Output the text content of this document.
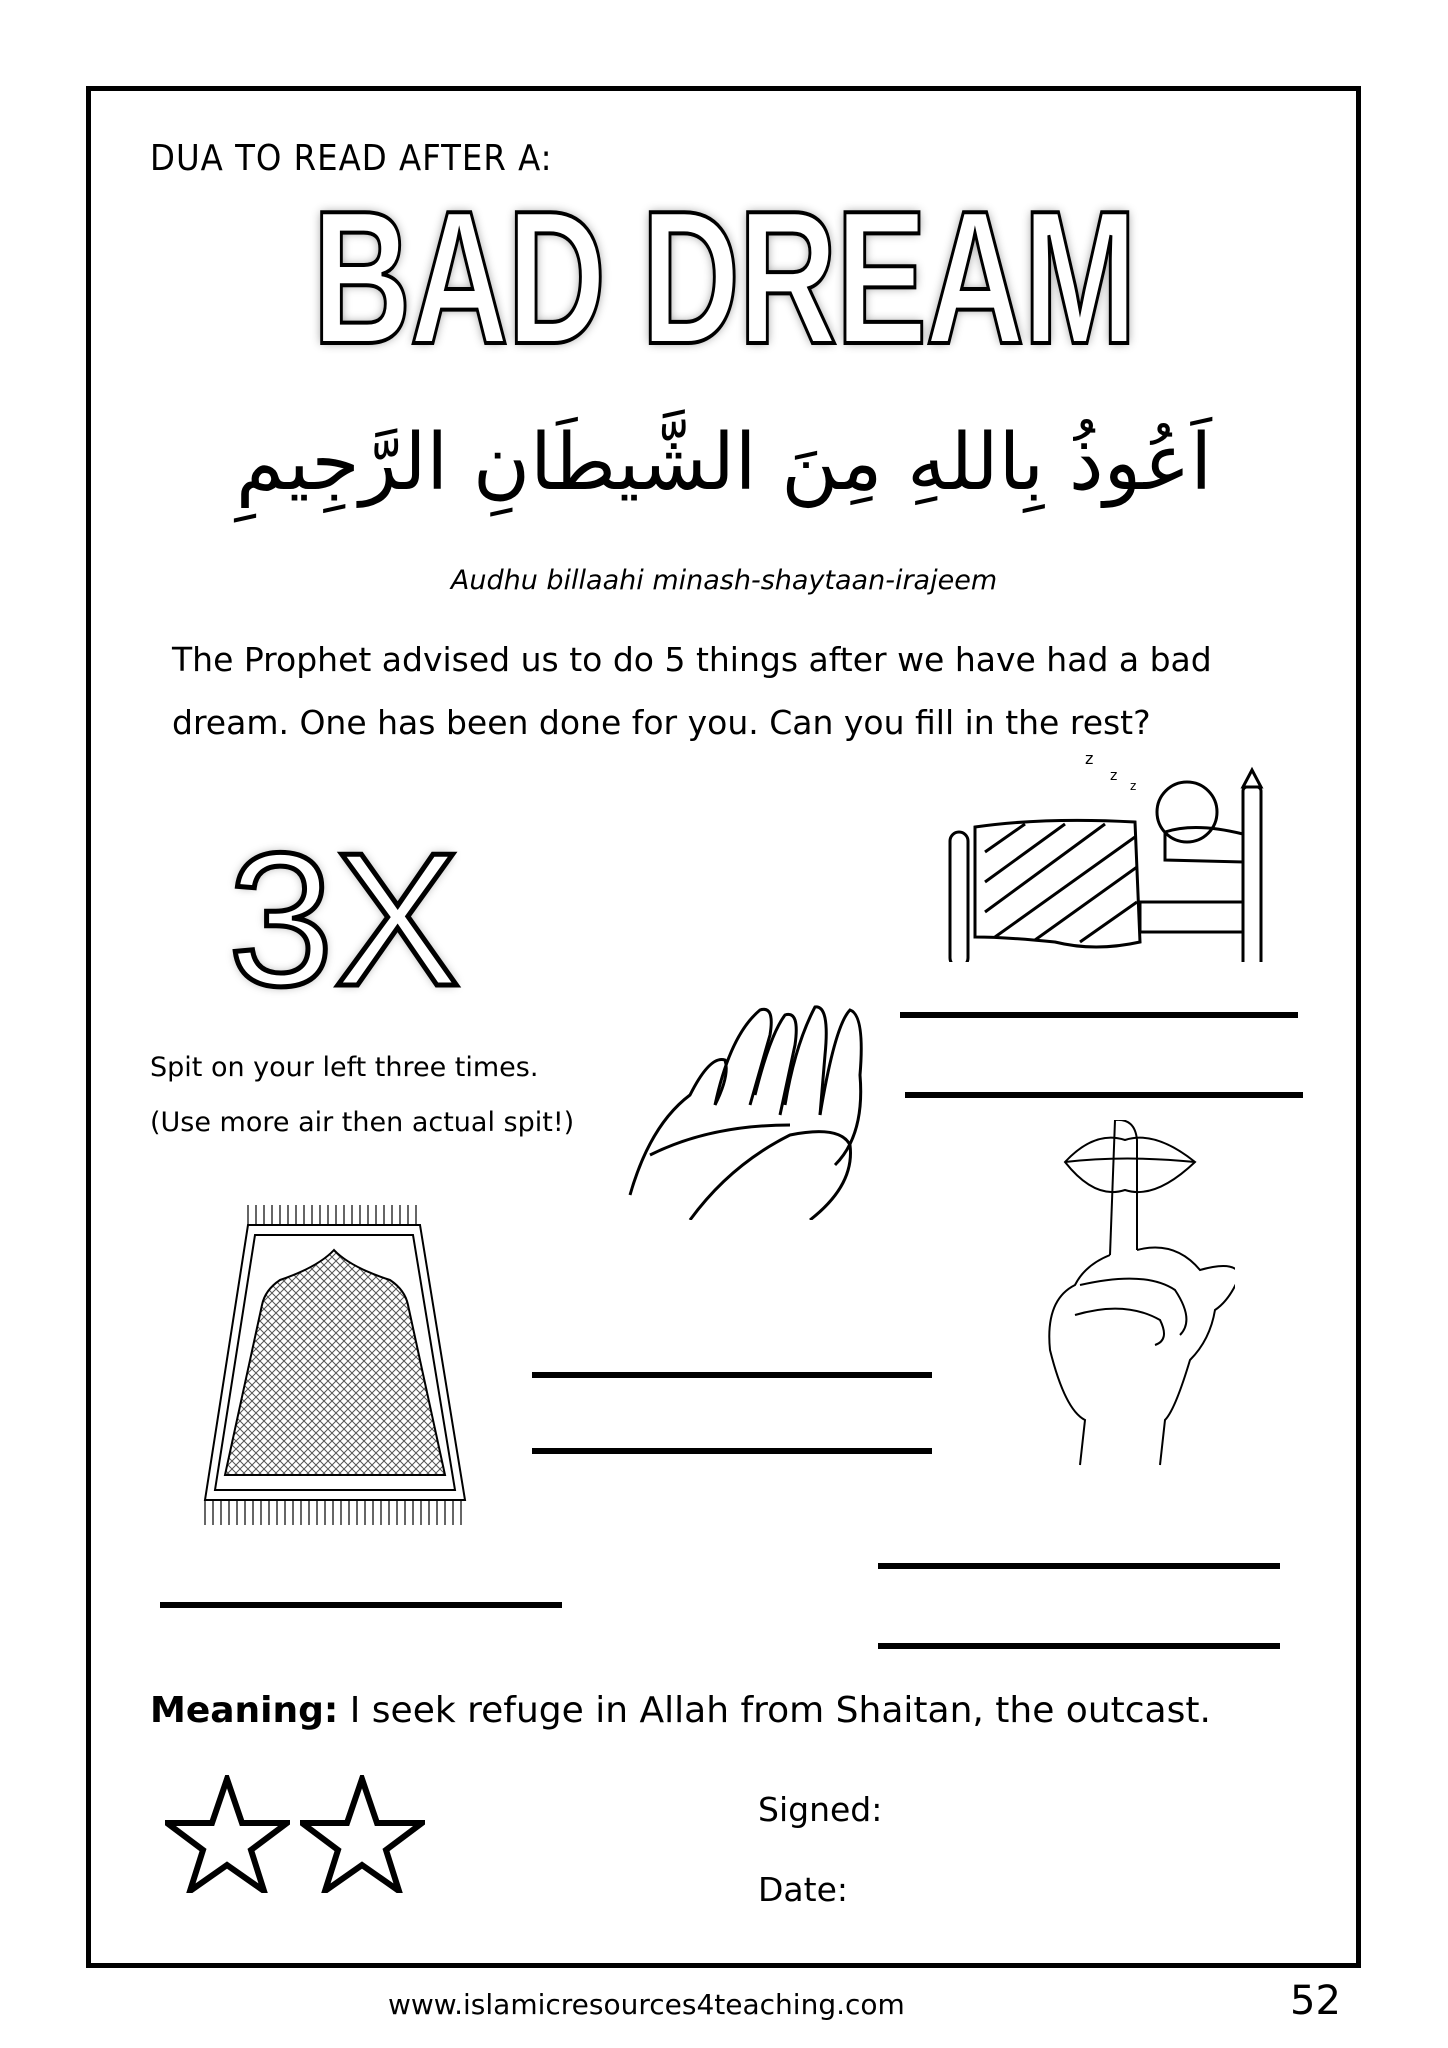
DUA TO READ AFTER A:
BAD DREAM
اَعُوذُ بِاللهِ مِنَ الشَّيطَانِ الرَّجِيمِ
Audhu billaahi minash-shaytaan-irajeem
The Prophet advised us to do 5 things after we have had a bad dream. One has been done for you. Can you fill in the rest?
3X
Spit on your left three times.
(Use more air then actual spit!)
z
z
z
Meaning: I seek refuge in Allah from Shaitan, the outcast.
Signed:
Date:
www.islamicresources4teaching.com	52
